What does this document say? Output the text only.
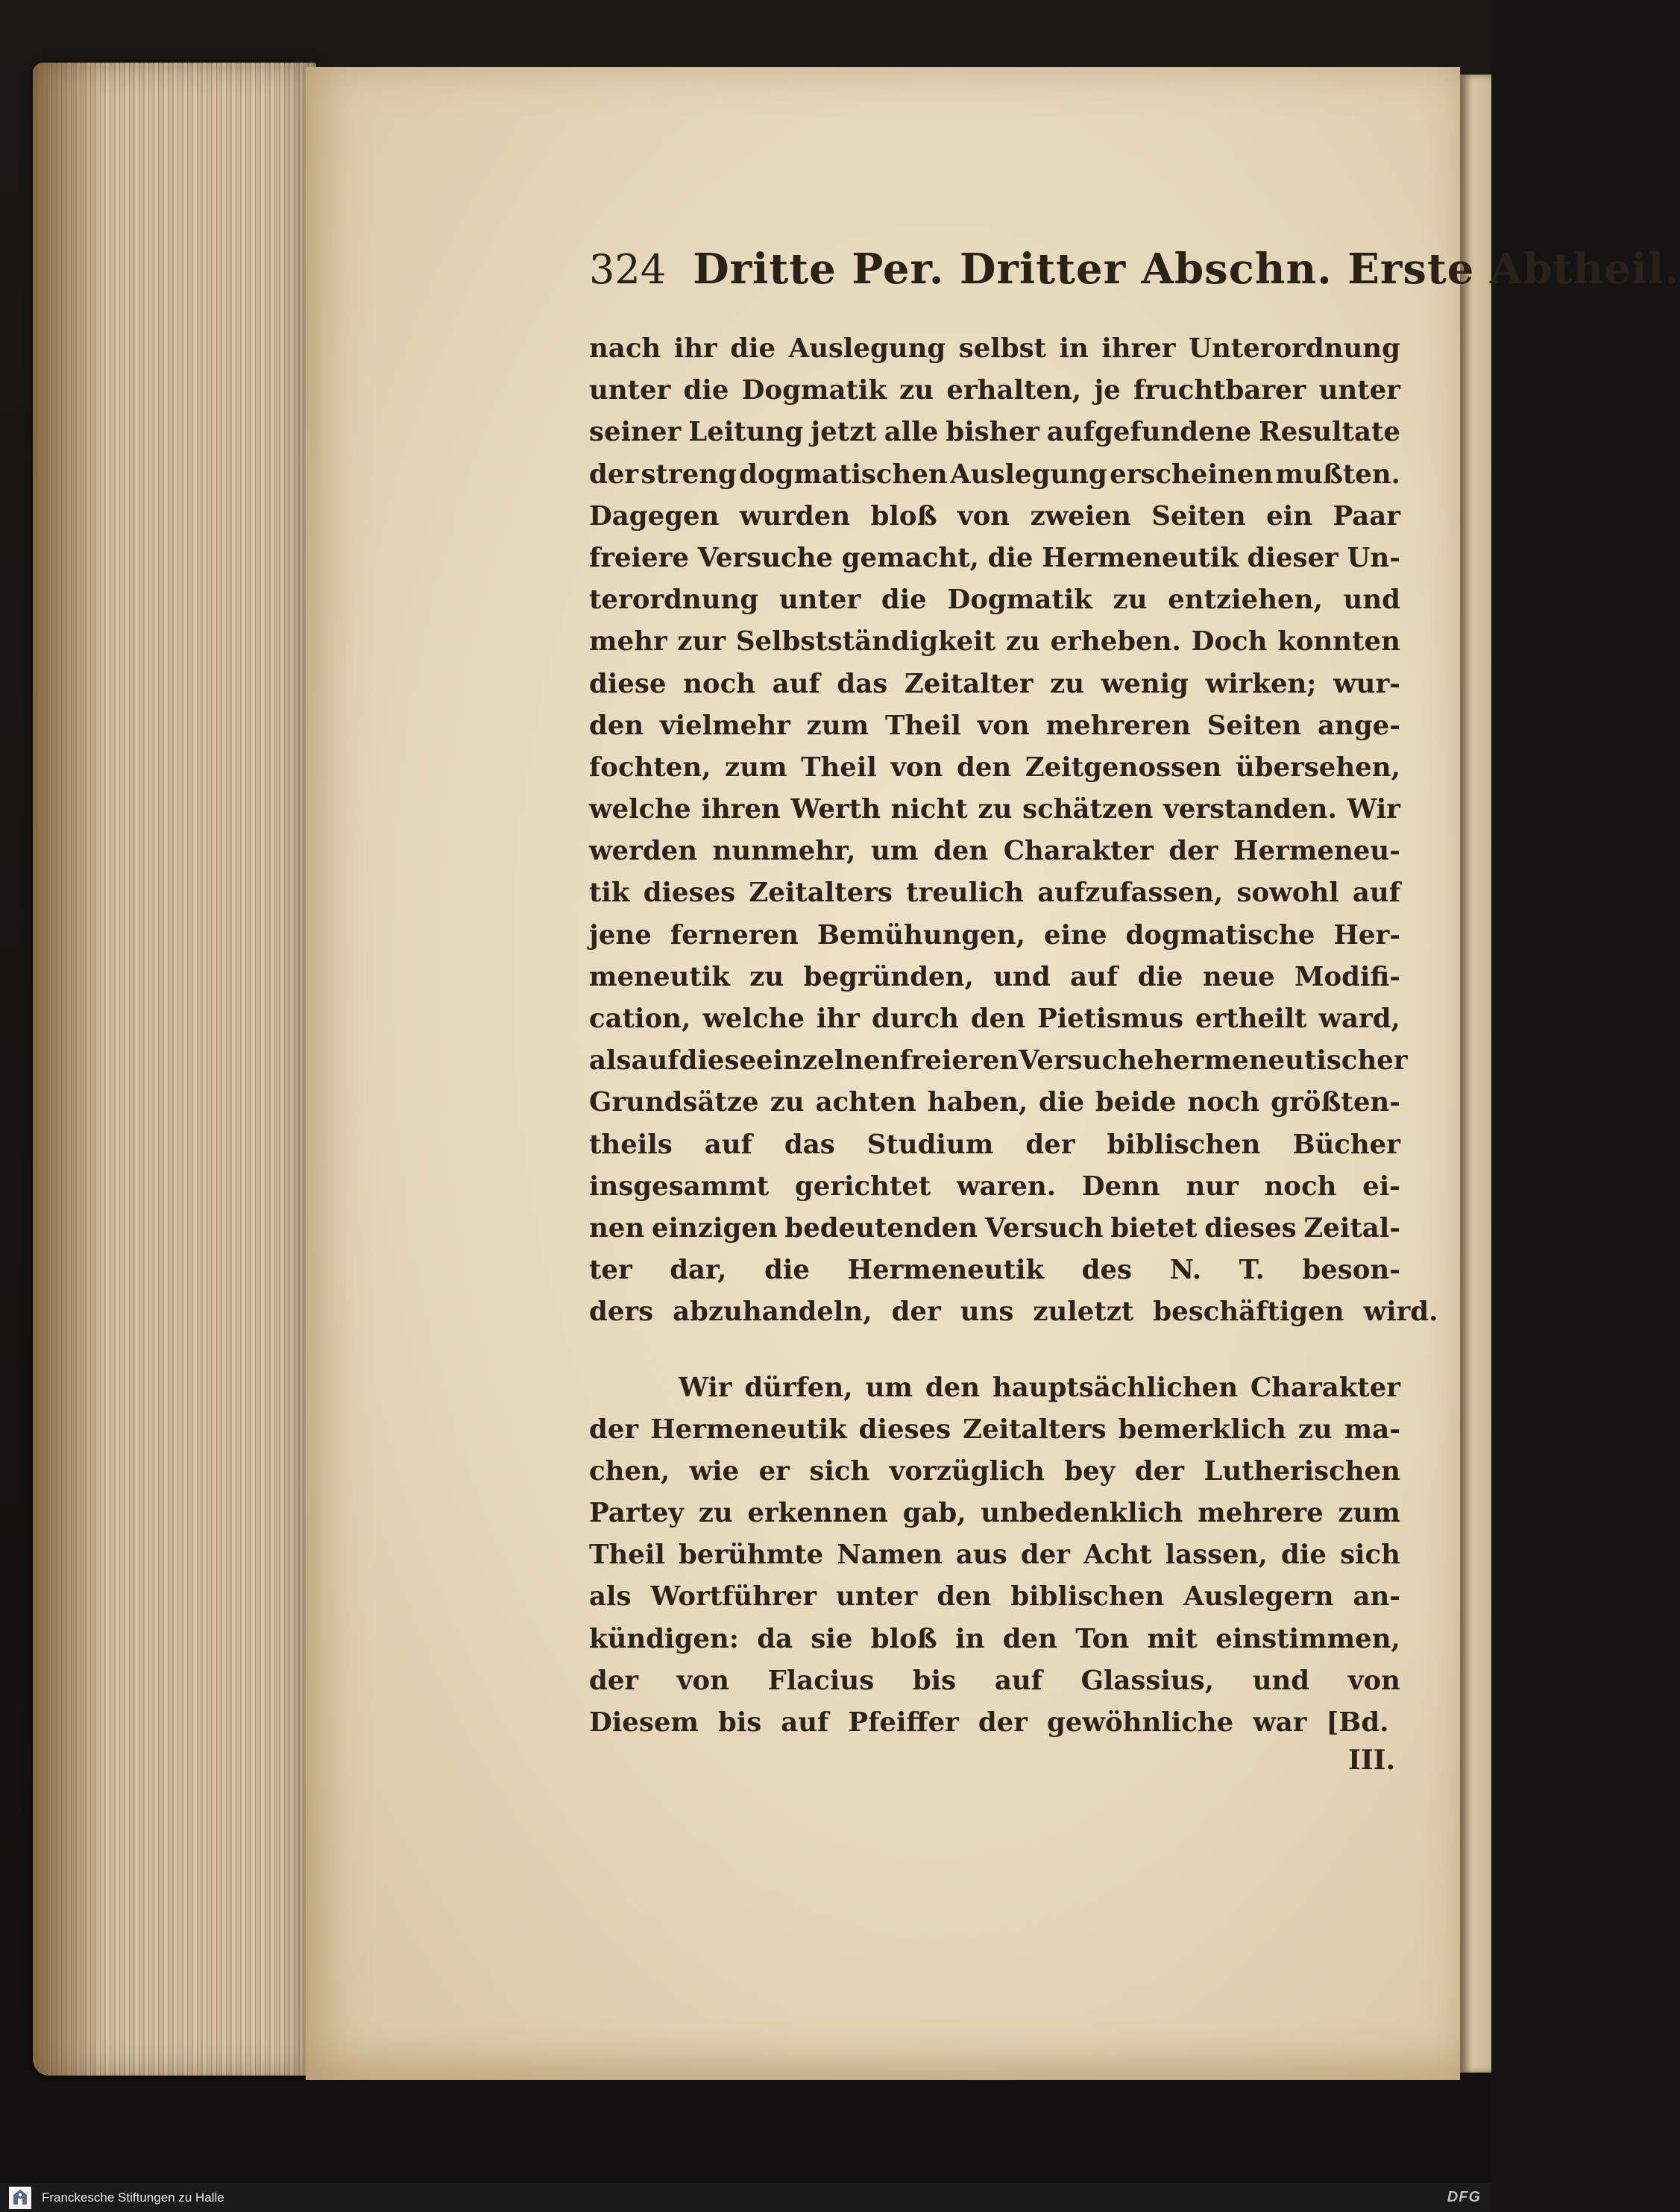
324 Dritte Per. Dritter Abschn. Erste Abtheil.
nach ihr die Auslegung selbst in ihrer Unterordnung
unter die Dogmatik zu erhalten, je fruchtbarer unter
seiner Leitung jetzt alle bisher aufgefundene Resultate
der streng dogmatischen Auslegung erscheinen mußten.
Dagegen wurden bloß von zweien Seiten ein Paar
freiere Versuche gemacht, die Hermeneutik dieser Un-
terordnung unter die Dogmatik zu entziehen, und
mehr zur Selbstständigkeit zu erheben. Doch konnten
diese noch auf das Zeitalter zu wenig wirken; wur-
den vielmehr zum Theil von mehreren Seiten ange-
fochten, zum Theil von den Zeitgenossen übersehen,
welche ihren Werth nicht zu schätzen verstanden. Wir
werden nunmehr, um den Charakter der Hermeneu-
tik dieses Zeitalters treulich aufzufassen, sowohl auf
jene ferneren Bemühungen, eine dogmatische Her-
meneutik zu begründen, und auf die neue Modifi-
cation, welche ihr durch den Pietismus ertheilt ward,
als auf diese einzelnen freieren Versuche hermeneutischer
Grundsätze zu achten haben, die beide noch größten-
theils auf das Studium der biblischen Bücher
insgesammt gerichtet waren. Denn nur noch ei-
nen einzigen bedeutenden Versuch bietet dieses Zeital-
ter dar, die Hermeneutik des N. T. beson-
ders abzuhandeln, der uns zuletzt beschäftigen wird.
Wir dürfen, um den hauptsächlichen Charakter
der Hermeneutik dieses Zeitalters bemerklich zu ma-
chen, wie er sich vorzüglich bey der Lutherischen
Partey zu erkennen gab, unbedenklich mehrere zum
Theil berühmte Namen aus der Acht lassen, die sich
als Wortführer unter den biblischen Auslegern an-
kündigen: da sie bloß in den Ton mit einstimmen,
der von Flacius bis auf Glassius, und von
Diesem bis auf Pfeiffer der gewöhnliche war [Bd.
III.
Franckesche Stiftungen zu Halle	DFG
